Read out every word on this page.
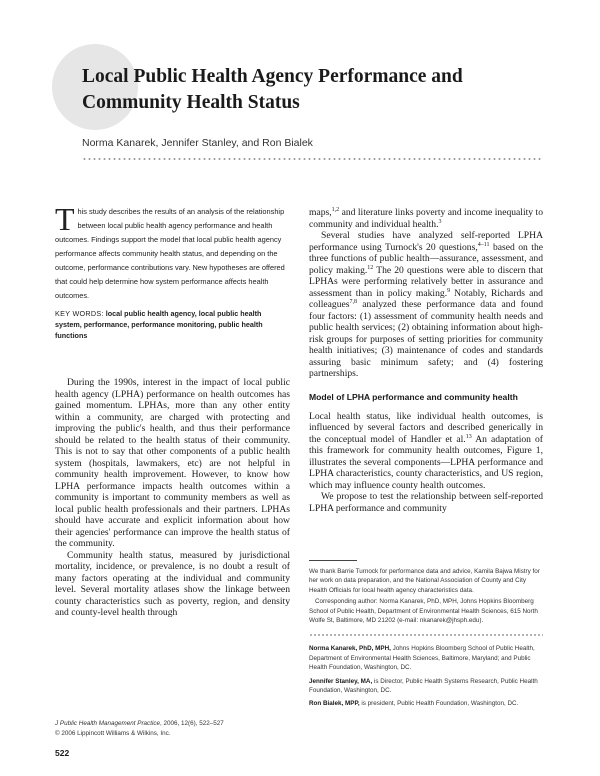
Local Public Health Agency Performance and
Community Health Status
Norma Kanarek, Jennifer Stanley, and Ron Bialek
This study describes the results of an analysis of the relationship between local public health agency performance and health outcomes. Findings support the model that local public health agency performance affects community health status, and depending on the outcome, performance contributions vary. New hypotheses are offered that could help determine how system performance affects health outcomes.
KEY WORDS: local public health agency, local public health system, performance, performance monitoring, public health functions

During the 1990s, interest in the impact of local public health agency (LPHA) performance on health outcomes has gained momentum. LPHAs, more than any other entity within a community, are charged with protecting and improving the public's health, and thus their performance should be related to the health status of their community. This is not to say that other components of a public health system (hospitals, lawmakers, etc) are not helpful in community health improvement. However, to know how LPHA performance impacts health outcomes within a community is important to community members as well as local public health professionals and their partners. LPHAs should have accurate and explicit information about how their agencies' performance can improve the health status of the community.

Community health status, measured by jurisdictional mortality, incidence, or prevalence, is no doubt a result of many factors operating at the individual and community level. Several mortality atlases show the linkage between county characteristics such as poverty, region, and density and county-level health through

maps,$^{1,2}$ and literature links poverty and income inequality to community and individual health.$^3$

Several studies have analyzed self-reported LPHA performance using Turnock's 20 questions,$^{4-11}$ based on the three functions of public health—assurance, assessment, and policy making.$^{12}$ The 20 questions were able to discern that LPHAs were performing relatively better in assurance and assessment than in policy making.$^9$ Notably, Richards and colleagues$^{7,8}$ analyzed these performance data and found four factors: (1) assessment of community health needs and public health services; (2) obtaining information about high-risk groups for purposes of setting priorities for community health initiatives; (3) maintenance of codes and standards assuring basic minimum safety; and (4) fostering partnerships.

Model of LPHA performance and community health

Local health status, like individual health outcomes, is influenced by several factors and described generically in the conceptual model of Handler et al.$^{13}$ An adaptation of this framework for community health outcomes, Figure 1, illustrates the several components—LPHA performance and LPHA characteristics, county characteristics, and US region, which may influence county health outcomes.

We propose to test the relationship between self-reported LPHA performance and community

We thank Barrie Turnock for performance data and advice, Kamila Bajwa Mistry for her work on data preparation, and the National Association of County and City Health Officials for local health agency characteristics data.

Corresponding author: Norma Kanarek, PhD, MPH, Johns Hopkins Bloomberg School of Public Health, Department of Environmental Health Sciences, 615 North Wolfe St, Baltimore, MD 21202 (e-mail: nkanarek@jhsph.edu).

Norma Kanarek, PhD, MPH, Johns Hopkins Bloomberg School of Public Health, Department of Environmental Health Sciences, Baltimore, Maryland; and Public Health Foundation, Washington, DC.

Jennifer Stanley, MA, is Director, Public Health Systems Research, Public Health Foundation, Washington, DC.

Ron Bialek, MPP, is president, Public Health Foundation, Washington, DC.

J Public Health Management Practice, 2006, 12(6), 522–527
© 2006 Lippincott Williams & Wilkins, Inc.
522
